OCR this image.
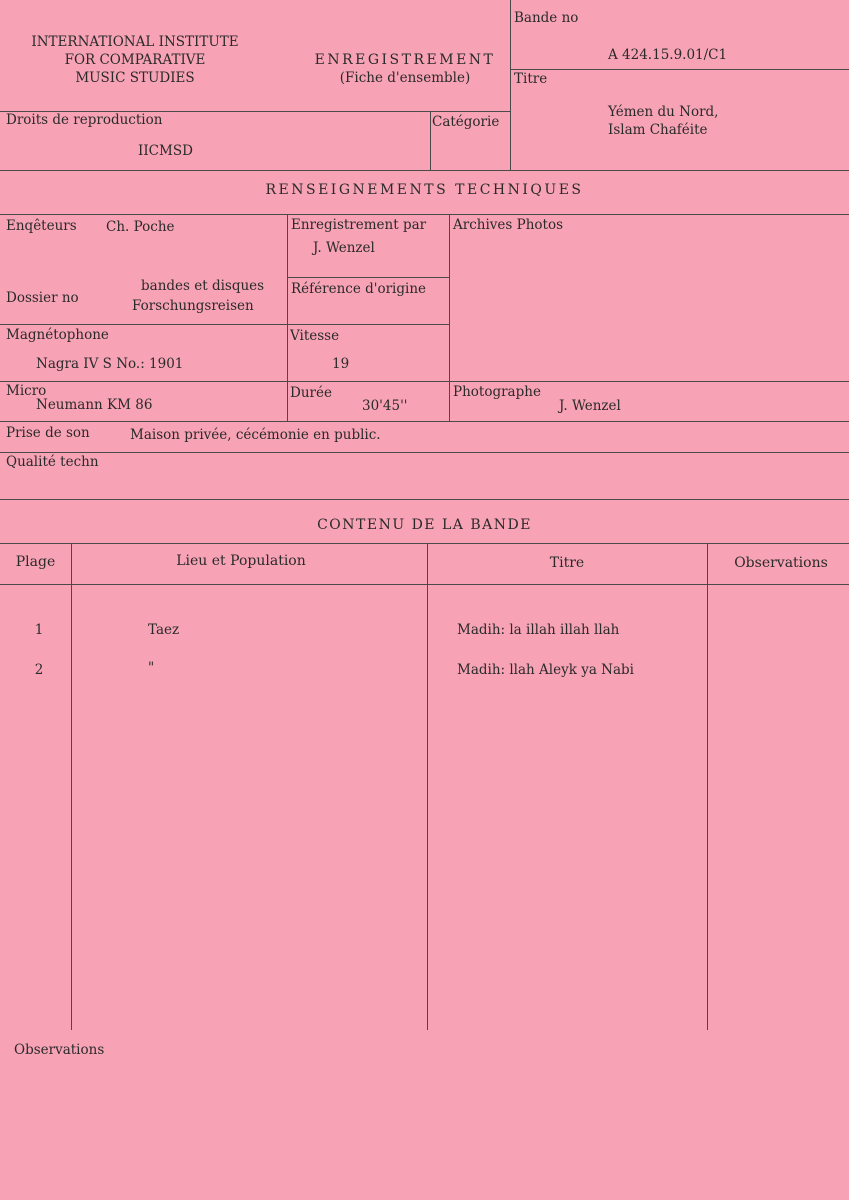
INTERNATIONAL INSTITUTE
FOR COMPARATIVE
MUSIC STUDIES
ENREGISTREMENT
(Fiche d'ensemble)
Bande no
A 424.15.9.01/C1
Titre
Yémen du Nord,
Islam Chaféite
Droits de reproduction
IICMSD
Catégorie
RENSEIGNEMENTS TECHNIQUES
Enqêteurs Ch. Poche	Enregistrement par
J. Wenzel
Archives Photos
Dossier no
bandes et disques
Forschungsreisen
Référence d'origine
Magnétophone
Nagra IV S No.: 1901
Vitesse
19
Micro
Neumann KM 86
Durée
30'45''
Photographe
J. Wenzel
Prise de son	Maison privée, cécémonie en public.
Qualité techn
CONTENU DE LA BANDE
Plage	Lieu et Population	Titre	Observations
1	Taez	Madih: la illah illah llah
2	"	Madih: llah Aleyk ya Nabi
Observations
